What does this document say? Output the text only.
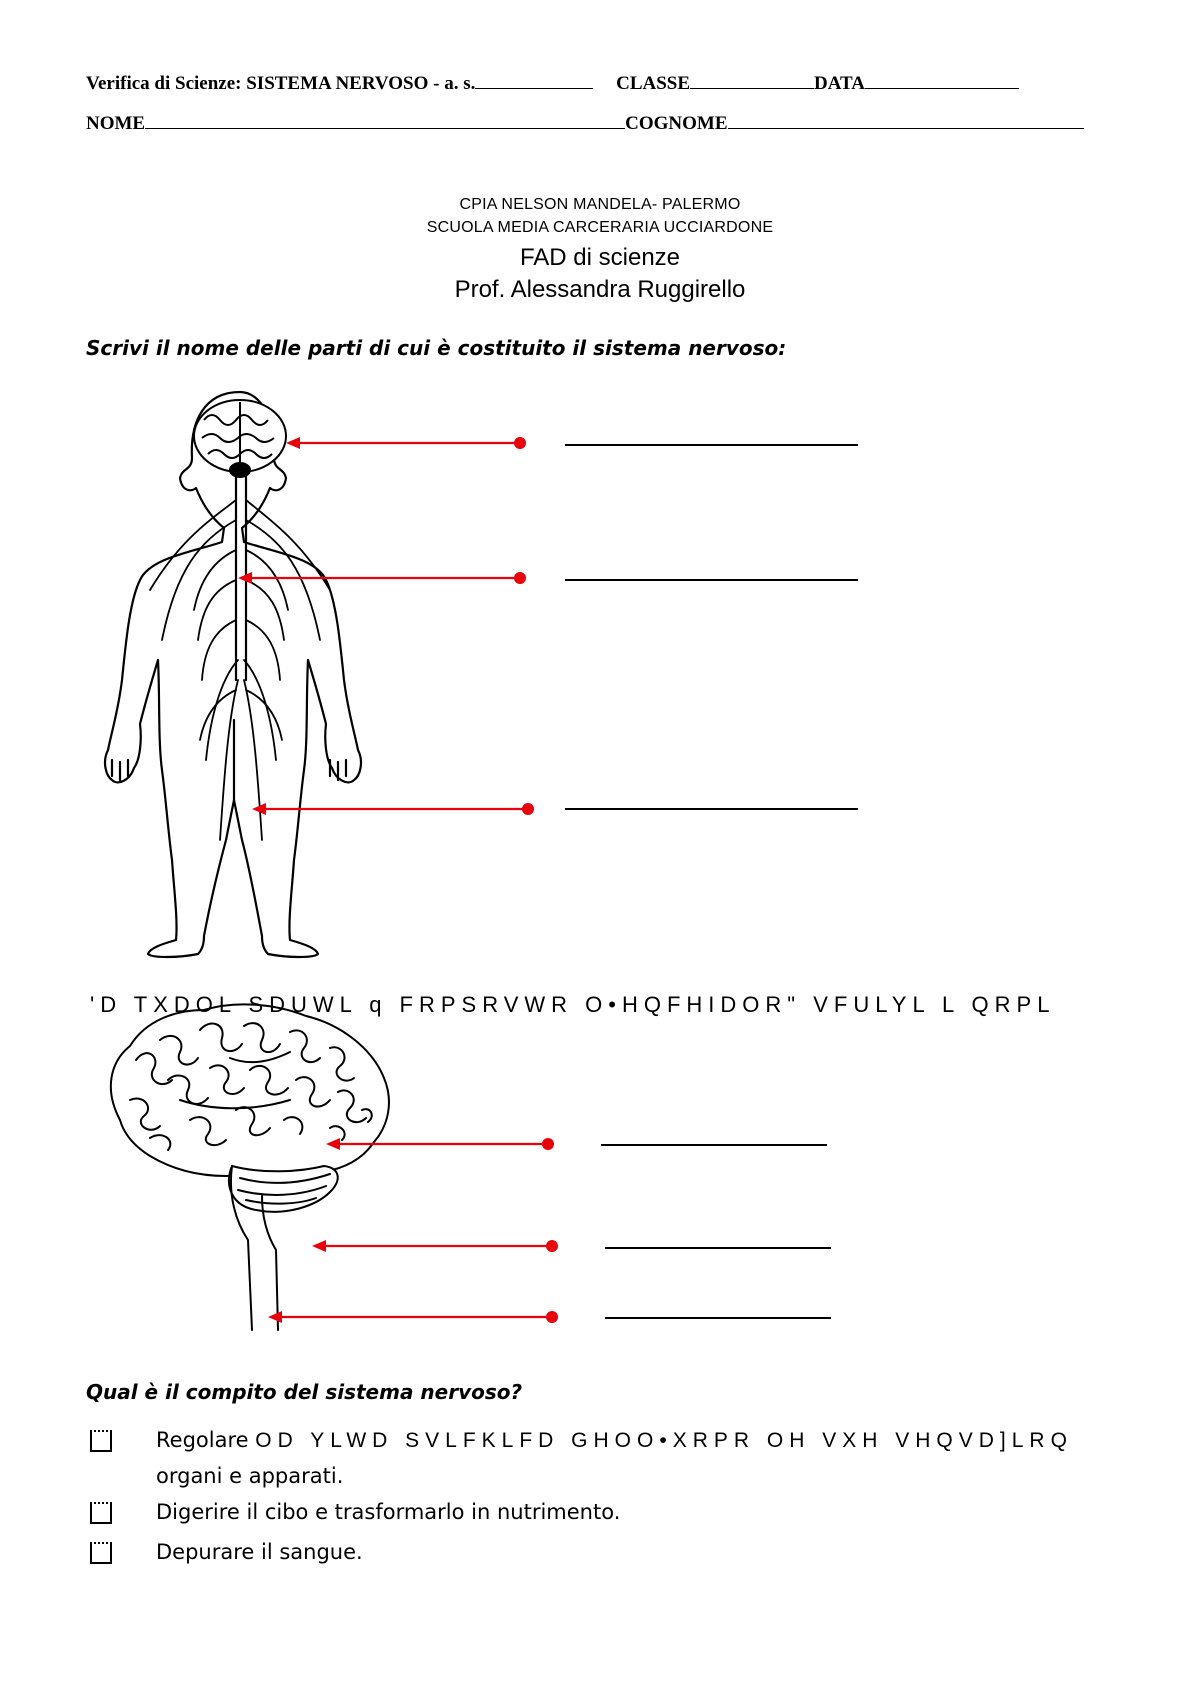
Verifica di Scienze: SISTEMA NERVOSO - a. s.	CLASSE	DATA
NOME	COGNOME
CPIA NELSON MANDELA- PALERMO
SCUOLA MEDIA CARCERARIA UCCIARDONE
FAD di scienze
Prof. Alessandra Ruggirello
Scrivi il nome delle parti di cui è costituito il sistema nervoso:
'D TXDOL SDUWL q FRPSRVWR O•HQFHIDOR" VFULYL L QRPL
Qual è il compito del sistema nervoso?
Regolare OD YLWD SVLFKLFD GHOO•XRPR OH VXH VHQVD]LRQ
organi e apparati.
Digerire il cibo e trasformarlo in nutrimento.
Depurare il sangue.
